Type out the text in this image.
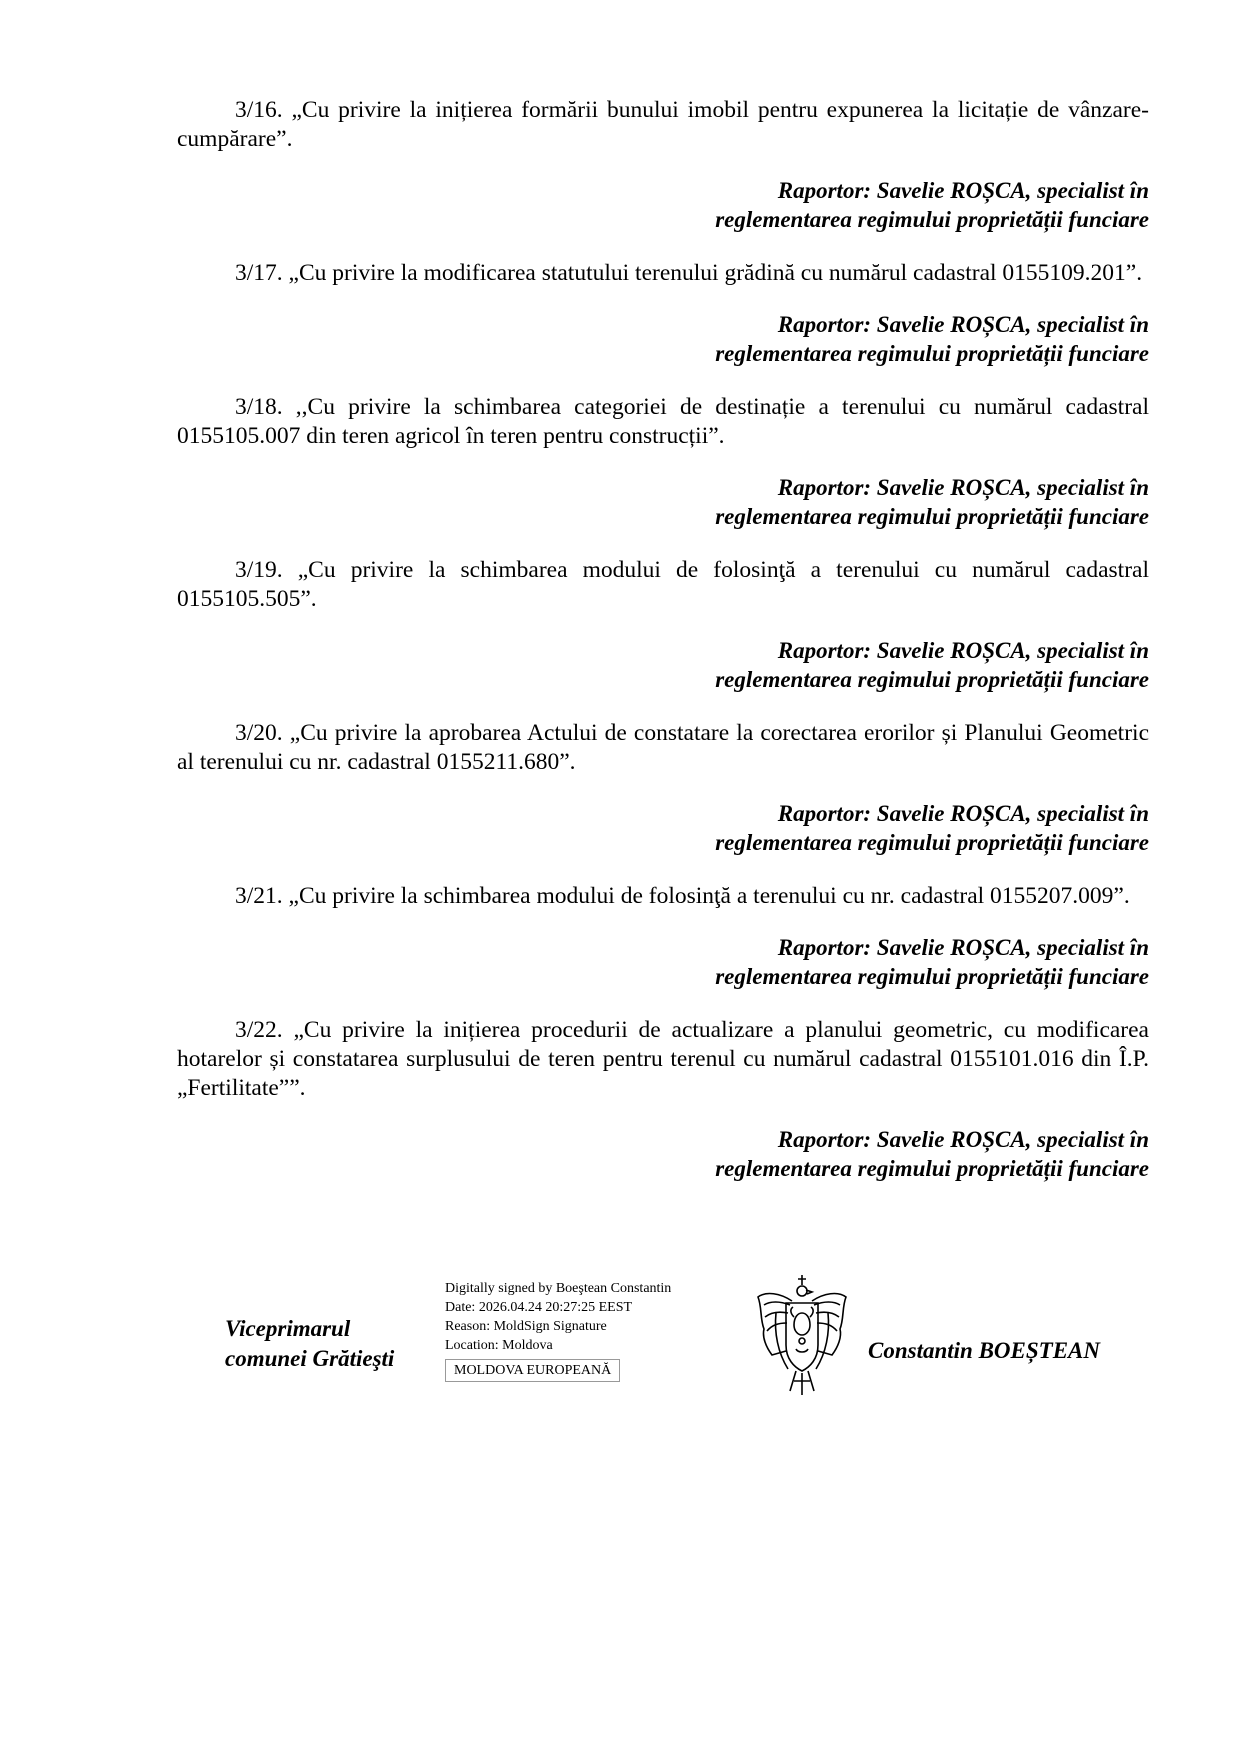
3/16. „Cu privire la inițierea formării bunului imobil pentru expunerea la licitație de vânzare-cumpărare”.
Raportor: Savelie ROȘCA, specialist în
reglementarea regimului proprietății funciare
3/17. „Cu privire la modificarea statutului terenului grădină cu numărul cadastral 0155109.201”.
Raportor: Savelie ROȘCA, specialist în
reglementarea regimului proprietății funciare
3/18. ,,Cu privire la schimbarea categoriei de destinație a terenului cu numărul cadastral 0155105.007 din teren agricol în teren pentru construcții”.
Raportor: Savelie ROȘCA, specialist în
reglementarea regimului proprietății funciare
3/19. „Cu privire la schimbarea modului de folosinţă a terenului cu numărul cadastral 0155105.505”.
Raportor: Savelie ROȘCA, specialist în
reglementarea regimului proprietății funciare
3/20. „Cu privire la aprobarea Actului de constatare la corectarea erorilor și Planului Geometric al terenului cu nr. cadastral 0155211.680”.
Raportor: Savelie ROȘCA, specialist în
reglementarea regimului proprietății funciare
3/21. „Cu privire la schimbarea modului de folosinţă a terenului cu nr. cadastral 0155207.009”.
Raportor: Savelie ROȘCA, specialist în
reglementarea regimului proprietății funciare
3/22. „Cu privire la inițierea procedurii de actualizare a planului geometric, cu modificarea hotarelor și constatarea surplusului de teren pentru terenul cu numărul cadastral 0155101.016 din Î.P. „Fertilitate””.
Raportor: Savelie ROȘCA, specialist în
reglementarea regimului proprietății funciare
Viceprimarul
comunei Grătieşti
Digitally signed by Boeştean Constantin
Date: 2026.04.24 20:27:25 EEST
Reason: MoldSign Signature
Location: Moldova
MOLDOVA EUROPEANĂ
Constantin BOEȘTEAN
